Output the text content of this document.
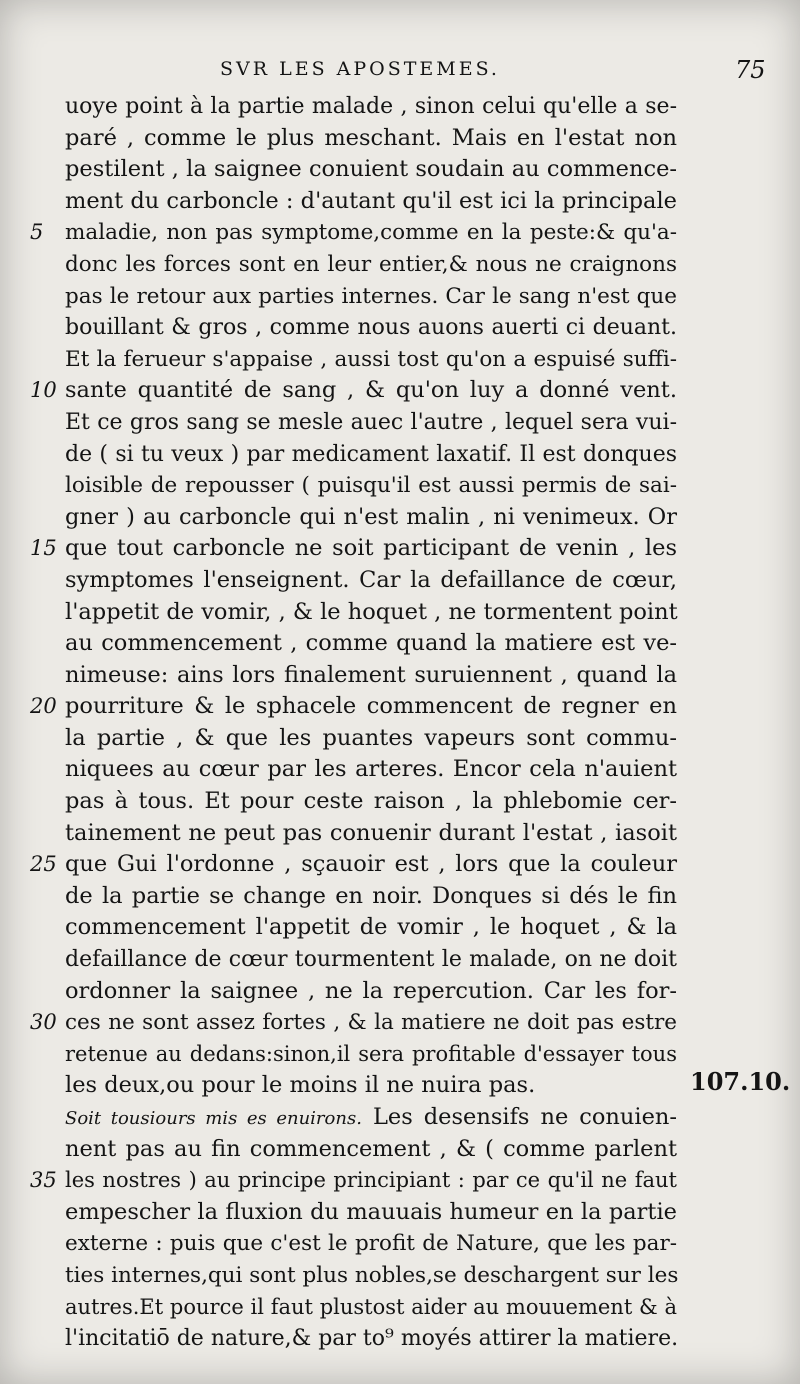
SVR LES APOSTEMES.	75
uoye point à la partie malade , sinon celui qu'elle a se-
paré , comme le plus meschant. Mais en l'estat non
pestilent , la saignee conuient soudain au commence-
ment du carboncle : d'autant qu'il est ici la principale
5 maladie, non pas symptome,comme en la peste:& qu'a-
donc les forces sont en leur entier,& nous ne craignons
pas le retour aux parties internes. Car le sang n'est que
bouillant & gros , comme nous auons auerti ci deuant.
Et la ferueur s'appaise , aussi tost qu'on a espuisé suffi-
10 sante quantité de sang , & qu'on luy a donné vent.
Et ce gros sang se mesle auec l'autre , lequel sera vui-
de ( si tu veux ) par medicament laxatif. Il est donques
loisible de repousser ( puisqu'il est aussi permis de sai-
gner ) au carboncle qui n'est malin , ni venimeux. Or
15 que tout carboncle ne soit participant de venin , les
symptomes l'enseignent. Car la defaillance de cœur,
l'appetit de vomir, , & le hoquet , ne tormentent point
au commencement , comme quand la matiere est ve-
nimeuse: ains lors finalement suruiennent , quand la
20 pourriture & le sphacele commencent de regner en
la partie , & que les puantes vapeurs sont commu-
niquees au cœur par les arteres. Encor cela n'auient
pas à tous. Et pour ceste raison , la phlebomie cer-
tainement ne peut pas conuenir durant l'estat , iasoit
25 que Gui l'ordonne , sçauoir est , lors que la couleur
de la partie se change en noir. Donques si dés le fin
commencement l'appetit de vomir , le hoquet , & la
defaillance de cœur tourmentent le malade, on ne doit
ordonner la saignee , ne la repercution. Car les for-
30 ces ne sont assez fortes , & la matiere ne doit pas estre
retenue au dedans:sinon,il sera profitable d'essayer tous
les deux,ou pour le moins il ne nuira pas.
Soit tousiours mis es enuirons. Les desensifs ne conuien-
nent pas au fin commencement , & ( comme parlent
35 les nostres ) au principe principiant : par ce qu'il ne faut
empescher la fluxion du mauuais humeur en la partie
externe : puis que c'est le profit de Nature, que les par-
ties internes,qui sont plus nobles,se deschargent sur les
autres.Et pource il faut plustost aider au mouuement & à
l'incitatiō de nature,& par to⁹ moyés attirer la matiere.
107.10.
